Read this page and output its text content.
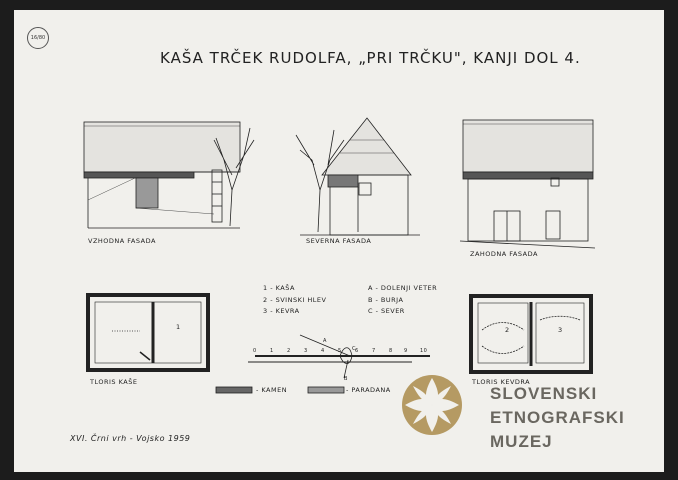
16/80
KAŠA TRČEK RUDOLFA, „PRI TRČKU", KANJI DOL 4.
VZHODNA FASADA	SEVERNA FASADA
ZAHODNA FASADA
TLORIS KAŠE	TLORIS KEVDRA
1 - KAŠA
2 - SVINSKI HLEV
3 - KEVRA
A - DOLENJI VETER
B - BURJA
C - SEVER
1	2	3
0	1	2	3	4	5	6	7	8 9 10
A
B
C
- KAMEN	- PARADANA
XVI. Črni vrh - Vojsko 1959
SLOVENSKI
ETNOGRAFSKI
MUZEJ
